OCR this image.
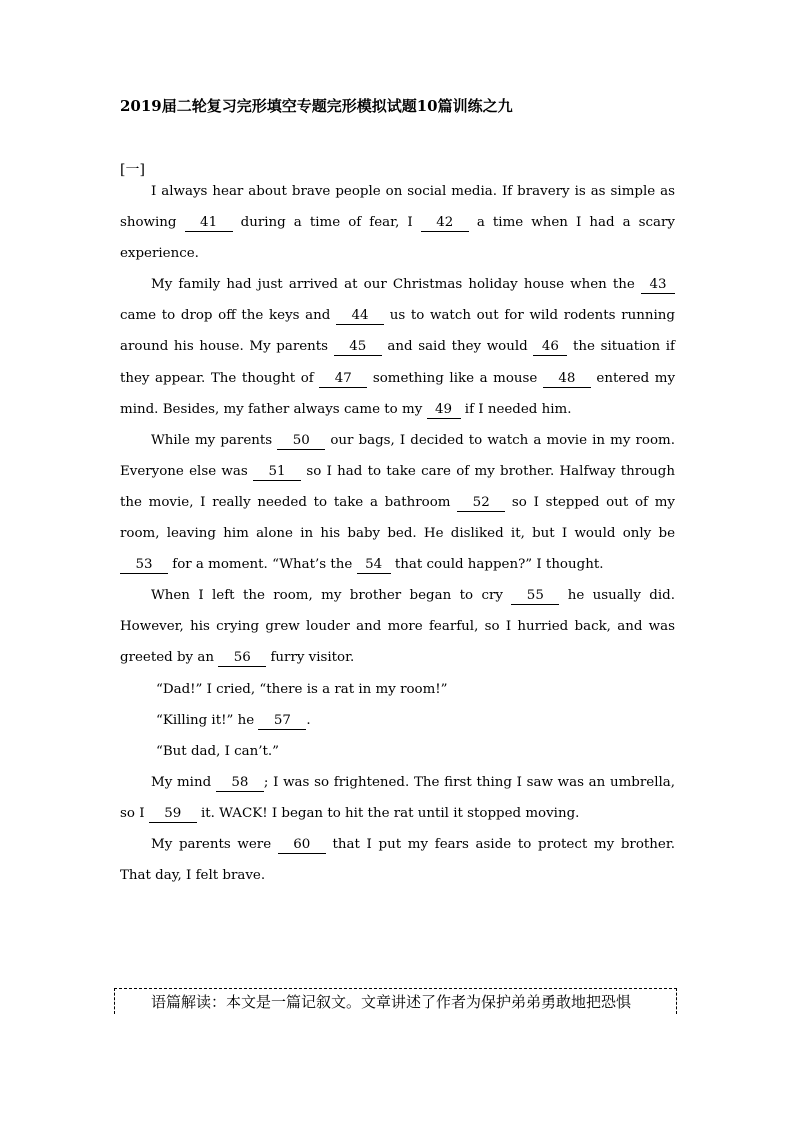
2019届二轮复习完形填空专题完形模拟试题10篇训练之九
[一]

I always hear about brave people on social media. If bravery is as simple as showing 41 during a time of fear, I 42 a time when I had a scary experience.

My family had just arrived at our Christmas holiday house when the 43 came to drop off the keys and 44 us to watch out for wild rodents running around his house. My parents 45 and said they would 46 the situation if they appear. The thought of 47 something like a mouse 48 entered my mind. Besides, my father always came to my 49 if I needed him.

While my parents 50 our bags, I decided to watch a movie in my room. Everyone else was 51 so I had to take care of my brother. Halfway through the movie, I really needed to take a bathroom 52 so I stepped out of my room, leaving him alone in his baby bed. He disliked it, but I would only be 53 for a moment. “What’s the 54 that could happen?” I thought.

When I left the room, my brother began to cry 55 he usually did. However, his crying grew louder and more fearful, so I hurried back, and was greeted by an 56 furry visitor.

“Dad!” I cried, “there is a rat in my room!”

“Killing it!” he 57 .

“But dad, I can’t.”

My mind 58 ; I was so frightened. The first thing I saw was an umbrella, so I 59 it. WACK! I began to hit the rat until it stopped moving.

My parents were 60 that I put my fears aside to protect my brother. That day, I felt brave.

语篇解读：本文是一篇记叙文。文章讲述了作者为保护弟弟勇敢地把恐惧
